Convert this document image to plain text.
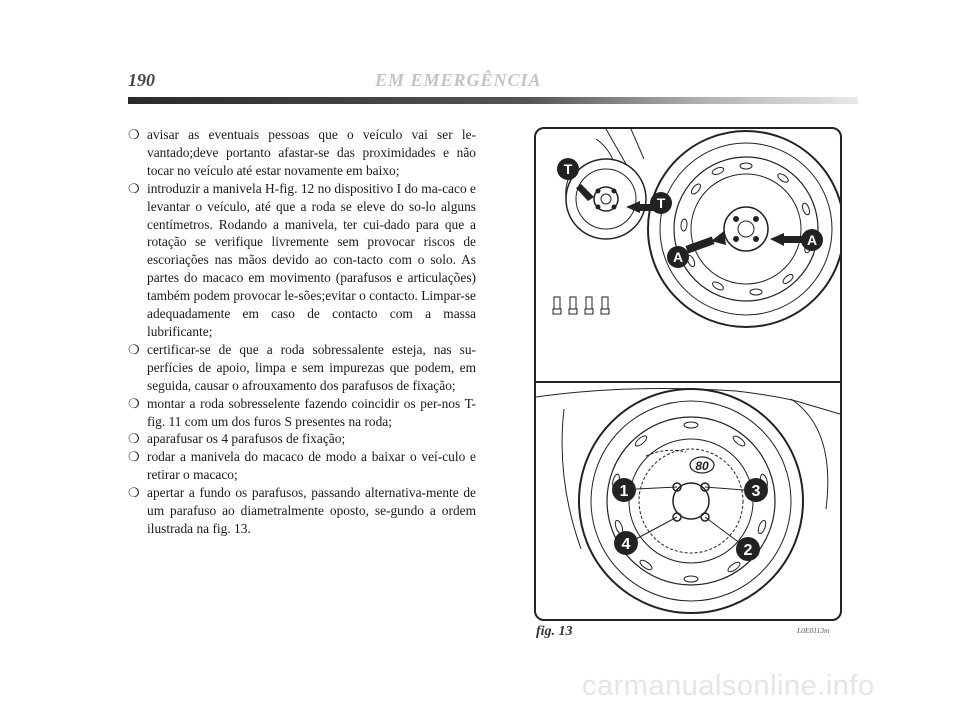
190	EM EMERGÊNCIA
❍ avisar as eventuais pessoas que o veículo vai ser le-vantado;deve portanto afastar-se das proximidades e não tocar no veículo até estar novamente em baixo;
❍ introduzir a manivela H-fig. 12 no dispositivo I do ma-caco e levantar o veículo, até que a roda se eleve do so-lo alguns centímetros. Rodando a manivela, ter cui-dado para que a rotação se verifique livremente sem provocar riscos de escoriações nas mãos devido ao con-tacto com o solo. As partes do macaco em movimento (parafusos e articulações) também podem provocar le-sões;evitar o contacto. Limpar-se adequadamente em caso de contacto com a massa lubrificante;
❍ certificar-se de que a roda sobressalente esteja, nas su-perfícies de apoio, limpa e sem impurezas que podem, em seguida, causar o afrouxamento dos parafusos de fixação;
❍ montar a roda sobresselente fazendo coincidir os per-nos T-fig. 11 com um dos furos S presentes na roda;
❍ aparafusar os 4 parafusos de fixação;
❍ rodar a manivela do macaco de modo a baixar o veí-culo e retirar o macaco;
❍ apertar a fundo os parafusos, passando alternativa-mente de um parafuso ao diametralmente oposto, se-gundo a ordem ilustrada na fig. 13.
T
T
A
A
80
1	3
4	2
fig. 13	L0E0113m
carmanualsonline.info
